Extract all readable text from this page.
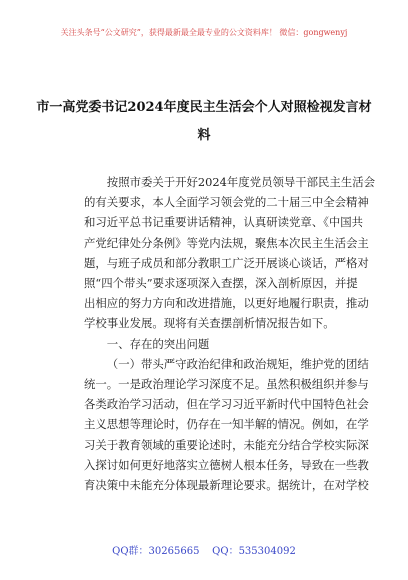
关注头条号“公文研究”，获得最新最全最专业的公文资料库！ 微信：gongwenyj
市一高党委书记2024年度民主生活会个人对照检视发言材
料
按照市委关于开好2024年度党员领导干部民主生活会
的有关要求，本人全面学习领会党的二十届三中全会精神
和习近平总书记重要讲话精神，认真研读党章、《中国共
产党纪律处分条例》等党内法规，聚焦本次民主生活会主
题，与班子成员和部分教职工广泛开展谈心谈话，严格对
照“四个带头”要求逐项深入查摆，深入剖析原因，并提
出相应的努力方向和改进措施，以更好地履行职责，推动
学校事业发展。现将有关查摆剖析情况报告如下。
一、存在的突出问题
（一）带头严守政治纪律和政治规矩，维护党的团结
统一。一是政治理论学习深度不足。虽然积极组织并参与
各类政治学习活动，但在学习习近平新时代中国特色社会
主义思想等理论时，仍存在一知半解的情况。例如，在学
习关于教育领域的重要论述时，未能充分结合学校实际深
入探讨如何更好地落实立德树人根本任务，导致在一些教
育决策中未能充分体现最新理论要求。据统计，在对学校
QQ群：30265665 QQ：535304092
